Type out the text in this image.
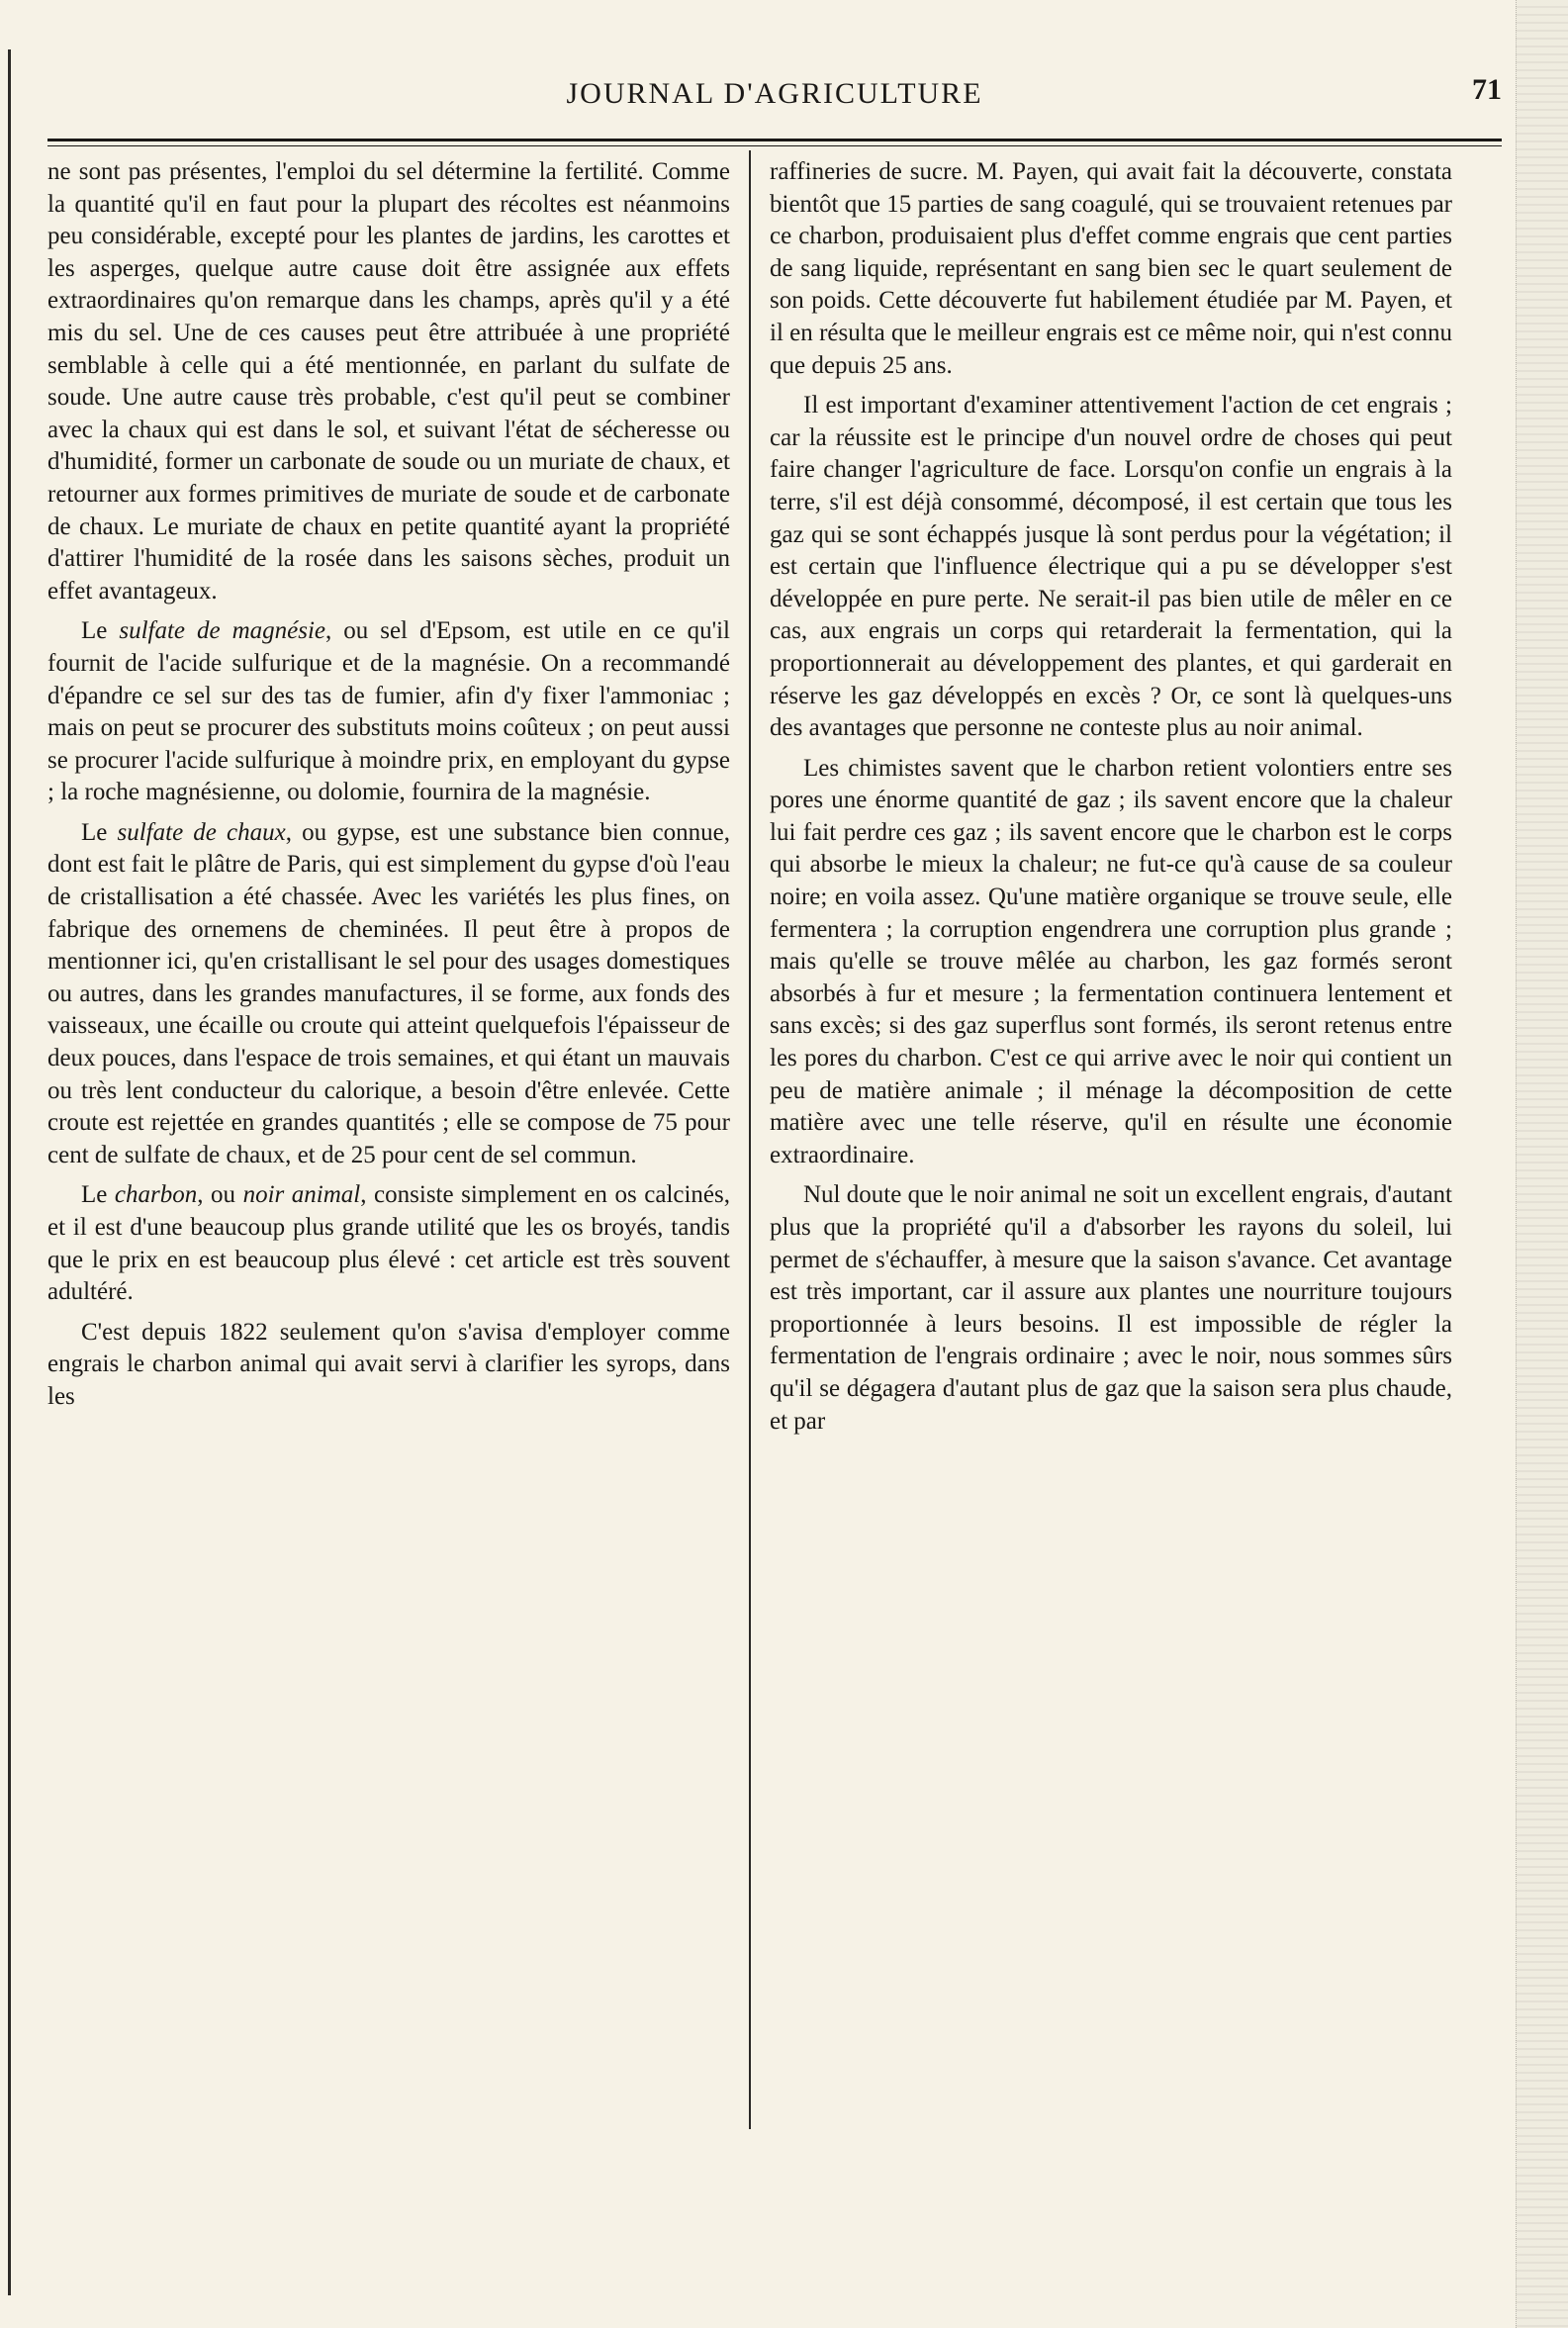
JOURNAL D'AGRICULTURE	71

ne sont pas présentes, l'emploi du sel détermine la fertilité. Comme la quantité qu'il en faut pour la plupart des récoltes est néanmoins peu considérable, excepté pour les plantes de jardins, les carottes et les asperges, quelque autre cause doit être assignée aux effets extraordinaires qu'on remarque dans les champs, après qu'il y a été mis du sel. Une de ces causes peut être attribuée à une propriété semblable à celle qui a été mentionnée, en parlant du sulfate de soude. Une autre cause très probable, c'est qu'il peut se combiner avec la chaux qui est dans le sol, et suivant l'état de sécheresse ou d'humidité, former un carbonate de soude ou un muriate de chaux, et retourner aux formes primitives de muriate de soude et de carbonate de chaux. Le muriate de chaux en petite quantité ayant la propriété d'attirer l'humidité de la rosée dans les saisons sèches, produit un effet avantageux.

Le sulfate de magnésie, ou sel d'Epsom, est utile en ce qu'il fournit de l'acide sulfurique et de la magnésie. On a recommandé d'épandre ce sel sur des tas de fumier, afin d'y fixer l'ammoniac ; mais on peut se procurer des substituts moins coûteux ; on peut aussi se procurer l'acide sulfurique à moindre prix, en employant du gypse ; la roche magnésienne, ou dolomie, fournira de la magnésie.

Le sulfate de chaux, ou gypse, est une substance bien connue, dont est fait le plâtre de Paris, qui est simplement du gypse d'où l'eau de cristallisation a été chassée. Avec les variétés les plus fines, on fabrique des ornemens de cheminées. Il peut être à propos de mentionner ici, qu'en cristallisant le sel pour des usages domestiques ou autres, dans les grandes manufactures, il se forme, aux fonds des vaisseaux, une écaille ou croute qui atteint quelquefois l'épaisseur de deux pouces, dans l'espace de trois semaines, et qui étant un mauvais ou très lent conducteur du calorique, a besoin d'être enlevée. Cette croute est rejettée en grandes quantités ; elle se compose de 75 pour cent de sulfate de chaux, et de 25 pour cent de sel commun.

Le charbon, ou noir animal, consiste simplement en os calcinés, et il est d'une beaucoup plus grande utilité que les os broyés, tandis que le prix en est beaucoup plus élevé : cet article est très souvent adultéré.

C'est depuis 1822 seulement qu'on s'avisa d'employer comme engrais le charbon animal qui avait servi à clarifier les syrops, dans les

raffineries de sucre. M. Payen, qui avait fait la découverte, constata bientôt que 15 parties de sang coagulé, qui se trouvaient retenues par ce charbon, produisaient plus d'effet comme engrais que cent parties de sang liquide, représentant en sang bien sec le quart seulement de son poids. Cette découverte fut habilement étudiée par M. Payen, et il en résulta que le meilleur engrais est ce même noir, qui n'est connu que depuis 25 ans.

Il est important d'examiner attentivement l'action de cet engrais ; car la réussite est le principe d'un nouvel ordre de choses qui peut faire changer l'agriculture de face. Lorsqu'on confie un engrais à la terre, s'il est déjà consommé, décomposé, il est certain que tous les gaz qui se sont échappés jusque là sont perdus pour la végétation; il est certain que l'influence électrique qui a pu se développer s'est développée en pure perte. Ne serait-il pas bien utile de mêler en ce cas, aux engrais un corps qui retarderait la fermentation, qui la proportionnerait au développement des plantes, et qui garderait en réserve les gaz développés en excès ? Or, ce sont là quelques-uns des avantages que personne ne conteste plus au noir animal.

Les chimistes savent que le charbon retient volontiers entre ses pores une énorme quantité de gaz ; ils savent encore que la chaleur lui fait perdre ces gaz ; ils savent encore que le charbon est le corps qui absorbe le mieux la chaleur; ne fut-ce qu'à cause de sa couleur noire; en voila assez. Qu'une matière organique se trouve seule, elle fermentera ; la corruption engendrera une corruption plus grande ; mais qu'elle se trouve mêlée au charbon, les gaz formés seront absorbés à fur et mesure ; la fermentation continuera lentement et sans excès; si des gaz superflus sont formés, ils seront retenus entre les pores du charbon. C'est ce qui arrive avec le noir qui contient un peu de matière animale ; il ménage la décomposition de cette matière avec une telle réserve, qu'il en résulte une économie extraordinaire.

Nul doute que le noir animal ne soit un excellent engrais, d'autant plus que la propriété qu'il a d'absorber les rayons du soleil, lui permet de s'échauffer, à mesure que la saison s'avance. Cet avantage est très important, car il assure aux plantes une nourriture toujours proportionnée à leurs besoins. Il est impossible de régler la fermentation de l'engrais ordinaire ; avec le noir, nous sommes sûrs qu'il se dégagera d'autant plus de gaz que la saison sera plus chaude, et par
